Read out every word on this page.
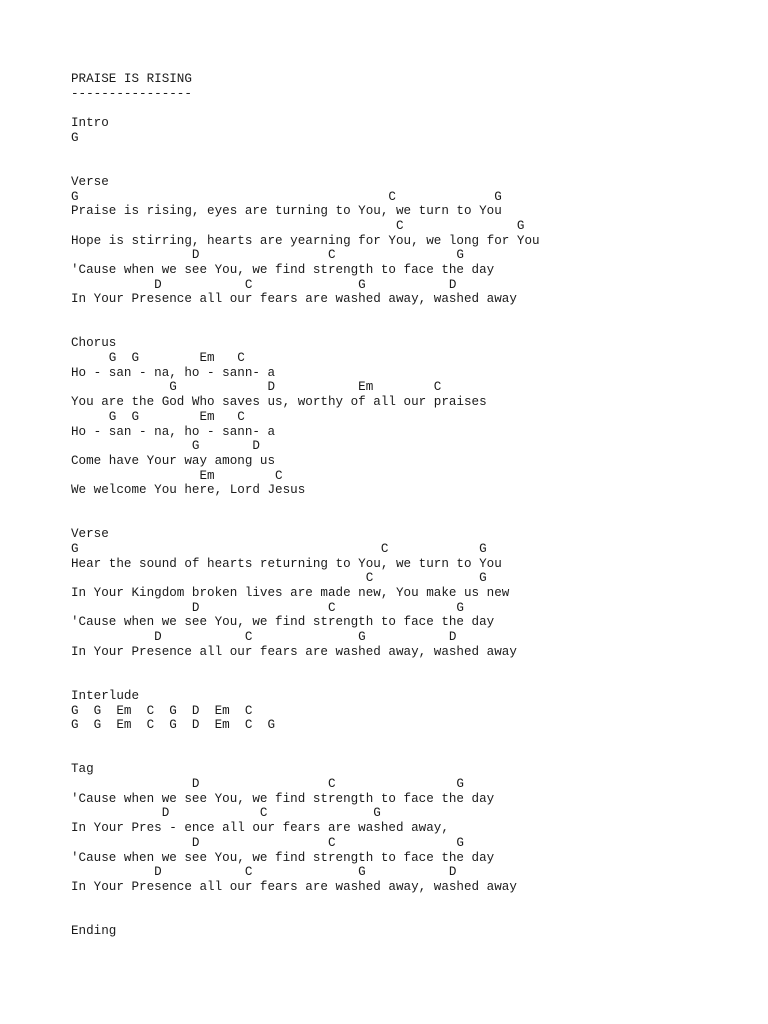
PRAISE IS RISING
----------------
Intro
G
Verse
G                                         C             G
Praise is rising, eyes are turning to You, we turn to You
C               G
Hope is stirring, hearts are yearning for You, we long for You
D                 C                G
'Cause when we see You, we find strength to face the day
D           C              G           D
In Your Presence all our fears are washed away, washed away
Chorus
G  G        Em   C
Ho - san - na, ho - sann- a
G            D           Em        C
You are the God Who saves us, worthy of all our praises
G  G        Em   C
Ho - san - na, ho - sann- a
G       D
Come have Your way among us
Em        C
We welcome You here, Lord Jesus
Verse
G                                        C            G
Hear the sound of hearts returning to You, we turn to You
C              G
In Your Kingdom broken lives are made new, You make us new
D                 C                G
'Cause when we see You, we find strength to face the day
D           C              G           D
In Your Presence all our fears are washed away, washed away
Interlude
G  G  Em  C  G  D  Em  C
G  G  Em  C  G  D  Em  C  G
Tag
D                 C                G
'Cause when we see You, we find strength to face the day
D            C              G
In Your Pres - ence all our fears are washed away,
D                 C                G
'Cause when we see You, we find strength to face the day
D           C              G           D
In Your Presence all our fears are washed away, washed away
Ending
